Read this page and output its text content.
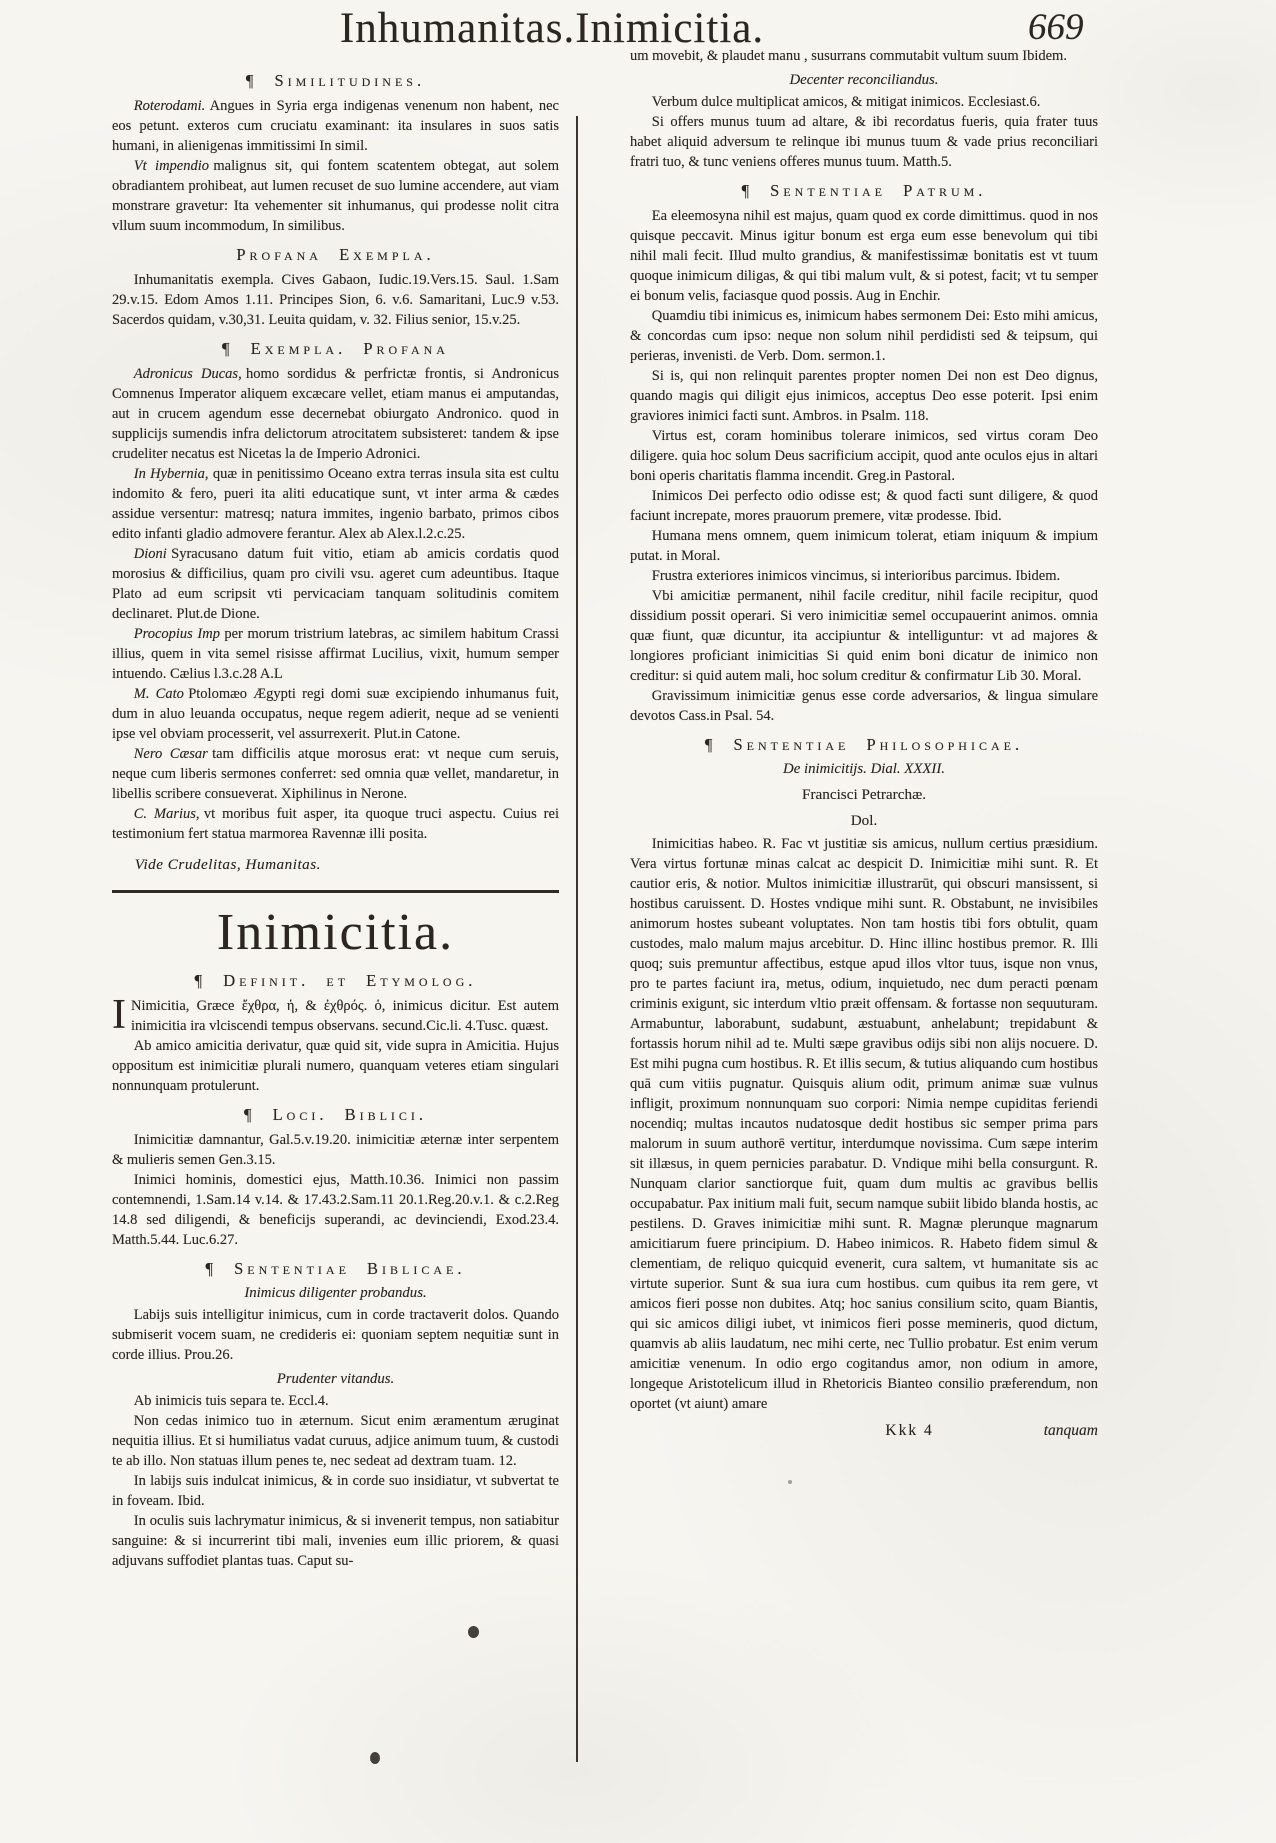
Inhumanitas.Inimicitia.	669
¶ Similitudines.

Roterodami. Angues in Syria erga indigenas venenum non habent, nec eos petunt. exteros cum cruciatu examinant: ita insulares in suos satis humani, in alienigenas immitissimi In simil.

Vt impendio malignus sit, qui fontem scatentem obtegat, aut solem obradiantem prohibeat, aut lumen recuset de suo lumine accendere, aut viam monstrare gravetur: Ita vehementer sit inhumanus, qui prodesse nolit citra vllum suum incommodum, In similibus.

Profana Exempla.

Inhumanitatis exempla. Cives Gabaon, Iudic.19.Vers.15. Saul. 1.Sam 29.v.15. Edom Amos 1.11. Principes Sion, 6. v.6. Samaritani, Luc.9 v.53. Sacerdos quidam, v.30,31. Leuita quidam, v. 32. Filius senior, 15.v.25.

¶ Exempla. Profana

Adronicus Ducas, homo sordidus & perfrictæ frontis, si Andronicus Comnenus Imperator aliquem excæcare vellet, etiam manus ei amputandas, aut in crucem agendum esse decernebat obiurgato Andronico. quod in supplicijs sumendis infra delictorum atrocitatem subsisteret: tandem & ipse crudeliter necatus est Nicetas la de Imperio Adronici.

In Hybernia, quæ in penitissimo Oceano extra terras insula sita est cultu indomito & fero, pueri ita aliti educatique sunt, vt inter arma & cædes assidue versentur: matresq; natura immites, ingenio barbato, primos cibos edito infanti gladio admovere ferantur. Alex ab Alex.l.2.c.25.

Dioni Syracusano datum fuit vitio, etiam ab amicis cordatis quod morosius & difficilius, quam pro civili vsu. ageret cum adeuntibus. Itaque Plato ad eum scripsit vti pervicaciam tanquam solitudinis comitem declinaret. Plut.de Dione.

Procopius Imp per morum tristrium latebras, ac similem habitum Crassi illius, quem in vita semel risisse affirmat Lucilius, vixit, humum semper intuendo. Cælius l.3.c.28 A.L

M. Cato Ptolomæo Ægypti regi domi suæ excipiendo inhumanus fuit, dum in aluo leuanda occupatus, neque regem adierit, neque ad se venienti ipse vel obviam processerit, vel assurrexerit. Plut.in Catone.

Nero Cæsar tam difficilis atque morosus erat: vt neque cum seruis, neque cum liberis sermones conferret: sed omnia quæ vellet, mandaretur, in libellis scribere consueverat. Xiphilinus in Nerone.

C. Marius, vt moribus fuit asper, ita quoque truci aspectu. Cuius rei testimonium fert statua marmorea Ravennæ illi posita.

Vide Crudelitas, Humanitas.

Inimicitia.
¶ Definit. et Etymolog.

I Nimicitia, Græce ἔχθρα, ἡ, & ἐχθρός. ὁ, inimicus dicitur. Est autem inimicitia ira vlciscendi tempus observans. secund.Cic.li. 4.Tusc. quæst.

Ab amico amicitia derivatur, quæ quid sit, vide supra in Amicitia. Hujus oppositum est inimicitiæ plurali numero, quanquam veteres etiam singulari nonnunquam protulerunt.

¶ Loci. Biblici.

Inimicitiæ damnantur, Gal.5.v.19.20. inimicitiæ æternæ inter serpentem & mulieris semen Gen.3.15.

Inimici hominis, domestici ejus, Matth.10.36. Inimici non passim contemnendi, 1.Sam.14 v.14. & 17.43.2.Sam.11 20.1.Reg.20.v.1. & c.2.Reg 14.8 sed diligendi, & beneficijs superandi, ac devinciendi, Exod.23.4. Matth.5.44. Luc.6.27.

¶ Sententiae Biblicae.

Inimicus diligenter probandus.

Labijs suis intelligitur inimicus, cum in corde tractaverit dolos. Quando submiserit vocem suam, ne credideris ei: quoniam septem nequitiæ sunt in corde illius. Prou.26.

Prudenter vitandus.

Ab inimicis tuis separa te. Eccl.4.

Non cedas inimico tuo in æternum. Sicut enim æramentum æruginat nequitia illius. Et si humiliatus vadat curuus, adjice animum tuum, & custodi te ab illo. Non statuas illum penes te, nec sedeat ad dextram tuam. 12.

In labijs suis indulcat inimicus, & in corde suo insidiatur, vt subvertat te in foveam. Ibid.

In oculis suis lachrymatur inimicus, & si invenerit tempus, non satiabitur sanguine: & si incurrerint tibi mali, invenies eum illic priorem, & quasi adjuvans suffodiet plantas tuas. Caput su-

um movebit, & plaudet manu , susurrans commutabit vultum suum Ibidem.

Decenter reconciliandus.

Verbum dulce multiplicat amicos, & mitigat inimicos. Ecclesiast.6.

Si offers munus tuum ad altare, & ibi recordatus fueris, quia frater tuus habet aliquid adversum te relinque ibi munus tuum & vade prius reconciliari fratri tuo, & tunc veniens offeres munus tuum. Matth.5.

¶ Sententiae Patrum.

Ea eleemosyna nihil est majus, quam quod ex corde dimittimus. quod in nos quisque peccavit. Minus igitur bonum est erga eum esse benevolum qui tibi nihil mali fecit. Illud multo grandius, & manifestissimæ bonitatis est vt tuum quoque inimicum diligas, & qui tibi malum vult, & si potest, facit; vt tu semper ei bonum velis, faciasque quod possis. Aug in Enchir.

Quamdiu tibi inimicus es, inimicum habes sermonem Dei: Esto mihi amicus, & concordas cum ipso: neque non solum nihil perdidisti sed & teipsum, qui perieras, invenisti. de Verb. Dom. sermon.1.

Si is, qui non relinquit parentes propter nomen Dei non est Deo dignus, quando magis qui diligit ejus inimicos, acceptus Deo esse poterit. Ipsi enim graviores inimici facti sunt. Ambros. in Psalm. 118.

Virtus est, coram hominibus tolerare inimicos, sed virtus coram Deo diligere. quia hoc solum Deus sacrificium accipit, quod ante oculos ejus in altari boni operis charitatis flamma incendit. Greg.in Pastoral.

Inimicos Dei perfecto odio odisse est; & quod facti sunt diligere, & quod faciunt increpate, mores prauorum premere, vitæ prodesse. Ibid.

Humana mens omnem, quem inimicum tolerat, etiam iniquum & impium putat. in Moral.

Frustra exteriores inimicos vincimus, si interioribus parcimus. Ibidem.

Vbi amicitiæ permanent, nihil facile creditur, nihil facile recipitur, quod dissidium possit operari. Si vero inimicitiæ semel occupauerint animos. omnia quæ fiunt, quæ dicuntur, ita accipiuntur & intelliguntur: vt ad majores & longiores proficiant inimicitias Si quid enim boni dicatur de inimico non creditur: si quid autem mali, hoc solum creditur & confirmatur Lib 30. Moral.

Gravissimum inimicitiæ genus esse corde adversarios, & lingua simulare devotos Cass.in Psal. 54.

¶ Sententiae Philosophicae.

De inimicitijs. Dial. XXXII.

Francisci Petrarchæ.

Dol.

Inimicitias habeo. R. Fac vt justitiæ sis amicus, nullum certius præsidium. Vera virtus fortunæ minas calcat ac despicit D. Inimicitiæ mihi sunt. R. Et cautior eris, & notior. Multos inimicitiæ illustrarūt, qui obscuri mansissent, si hostibus caruissent. D. Hostes vndique mihi sunt. R. Obstabunt, ne invisibiles animorum hostes subeant voluptates. Non tam hostis tibi fors obtulit, quam custodes, malo malum majus arcebitur. D. Hinc illinc hostibus premor. R. Illi quoq; suis premuntur affectibus, estque apud illos vltor tuus, isque non vnus, pro te partes faciunt ira, metus, odium, inquietudo, nec dum peracti pœnam criminis exigunt, sic interdum vltio præit offensam. & fortasse non sequuturam. Armabuntur, laborabunt, sudabunt, æstuabunt, anhelabunt; trepidabunt & fortassis horum nihil ad te. Multi sæpe gravibus odijs sibi non alijs nocuere. D. Est mihi pugna cum hostibus. R. Et illis secum, & tutius aliquando cum hostibus quā cum vitiis pugnatur. Quisquis alium odit, primum animæ suæ vulnus infligit, proximum nonnunquam suo corpori: Nimia nempe cupiditas feriendi nocendiq; multas incautos nudatosque dedit hostibus sic semper prima pars malorum in suum authorē vertitur, interdumque novissima. Cum sæpe interim sit illæsus, in quem pernicies parabatur. D. Vndique mihi bella consurgunt. R. Nunquam clarior sanctiorque fuit, quam dum multis ac gravibus bellis occupabatur. Pax initium mali fuit, secum namque subiit libido blanda hostis, ac pestilens. D. Graves inimicitiæ mihi sunt. R. Magnæ plerunque magnarum amicitiarum fuere principium. D. Habeo inimicos. R. Habeto fidem simul & clementiam, de reliquo quicquid evenerit, cura saltem, vt humanitate sis ac virtute superior. Sunt & sua iura cum hostibus. cum quibus ita rem gere, vt amicos fieri posse non dubites. Atq; hoc sanius consilium scito, quam Biantis, qui sic amicos diligi iubet, vt inimicos fieri posse memineris, quod dictum, quamvis ab aliis laudatum, nec mihi certe, nec Tullio probatur. Est enim verum amicitiæ venenum. In odio ergo cogitandus amor, non odium in amore, longeque Aristotelicum illud in Rhetoricis Bianteo consilio præferendum, non oportet (vt aiunt) amare

Kkk 4	tanquam
